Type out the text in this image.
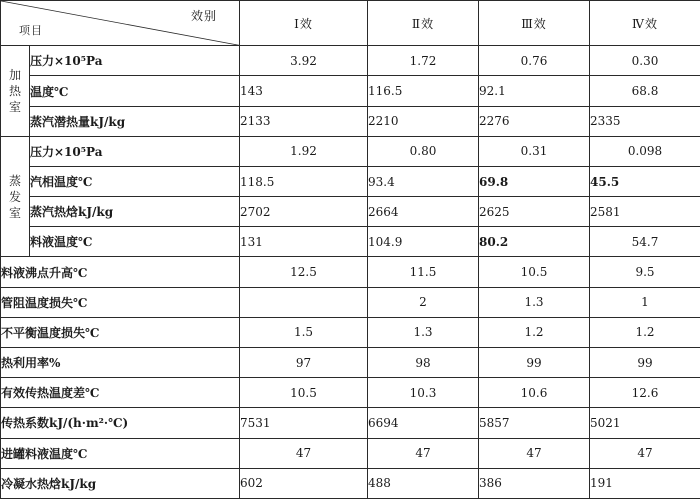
效别
项目		Ⅰ效	Ⅱ效	Ⅲ效	Ⅳ效

加
热
室	压力×10⁵Pa	3.92	1.72	0.76	0.30
	温度℃	143	116.5	92.1	68.8
	蒸汽潜热量kJ/kg	2133	2210	2276	2335

蒸
发
室	压力×10⁵Pa	1.92	0.80	0.31	0.098
	汽相温度℃	118.5	93.4	69.8	45.5
	蒸汽热焓kJ/kg	2702	2664	2625	2581
	料液温度℃	131	104.9	80.2	54.7
料液沸点升高℃		12.5	11.5	10.5	9.5
管阻温度损失℃			2	1.3	1
不平衡温度损失℃		1.5	1.3	1.2	1.2
热利用率%		97	98	99	99
有效传热温度差℃		10.5	10.3	10.6	12.6
传热系数kJ/(h·m²·℃)		7531	6694	5857	5021
进罐料液温度℃		47	47	47	47
冷凝水热焓kJ/kg		602	488	386	191
